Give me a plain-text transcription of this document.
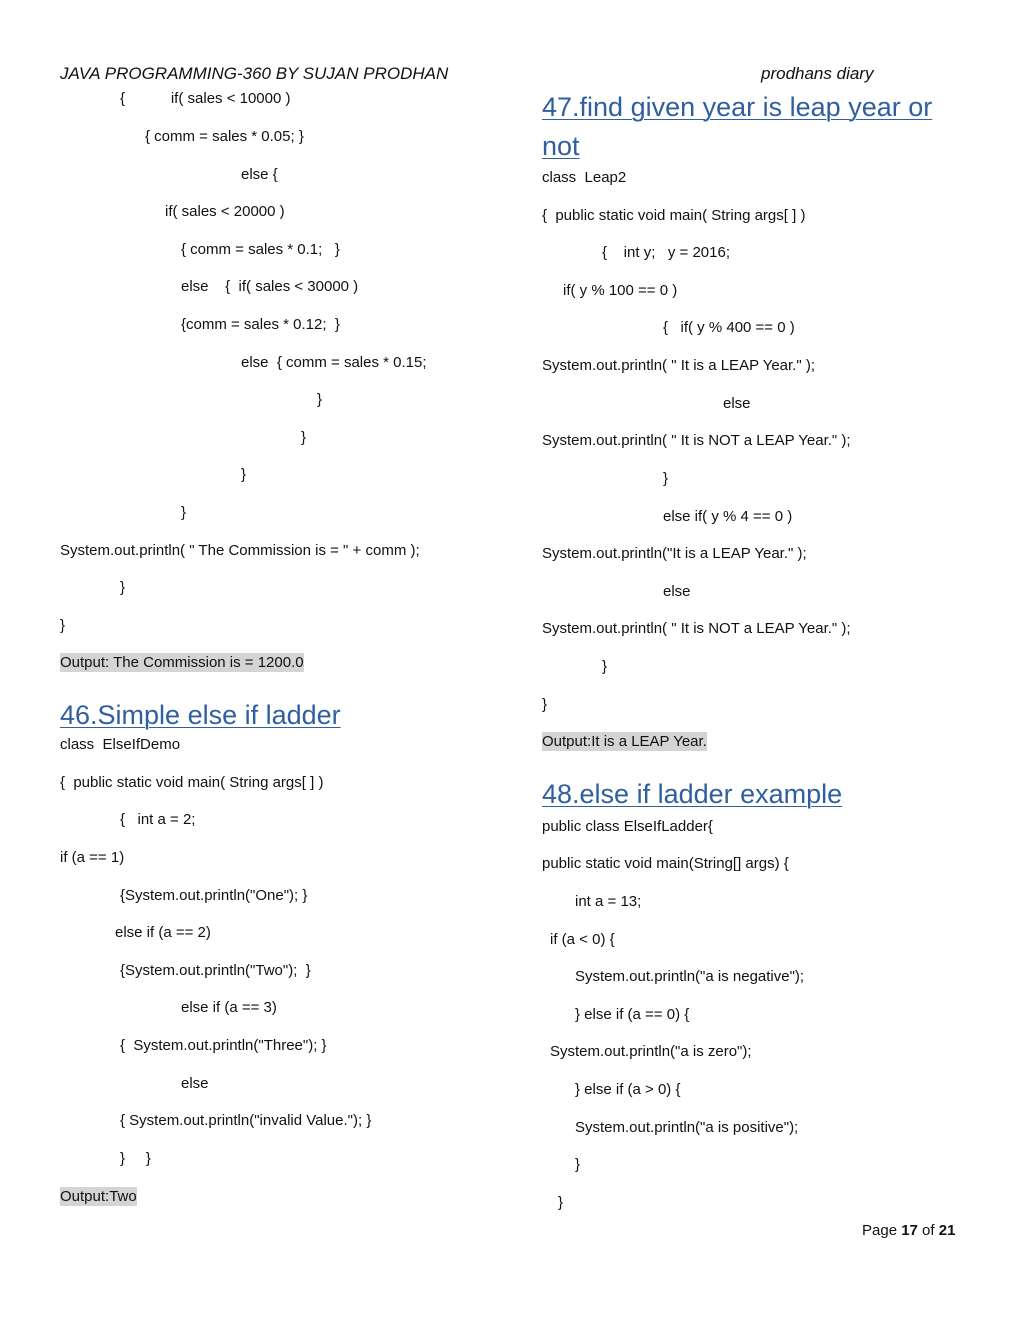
JAVA PROGRAMMING-360 BY SUJAN PRODHAN	prodhans diary
{           if( sales < 10000 )
{ comm = sales * 0.05; }
else {
if( sales < 20000 )
{ comm = sales * 0.1;   }
else    {  if( sales < 30000 )
{comm = sales * 0.12;  }
else  { comm = sales * 0.15;
}
}
}
}
System.out.println( " The Commission is = " + comm );
}
}
Output: The Commission is = 1200.0
46.Simple else if ladder
class  ElseIfDemo
{  public static void main( String args[ ] )
{   int a = 2;
if (a == 1)
{System.out.println("One"); }
else if (a == 2)
{System.out.println("Two");  }
else if (a == 3)
{  System.out.println("Three"); }
else
{ System.out.println("invalid Value."); }
}     }
Output:Two
47.find given year is leap year or
not
class  Leap2
{  public static void main( String args[ ] )
{    int y;   y = 2016;
if( y % 100 == 0 )
{   if( y % 400 == 0 )
System.out.println( " It is a LEAP Year." );
else
System.out.println( " It is NOT a LEAP Year." );
}
else if( y % 4 == 0 )
System.out.println("It is a LEAP Year." );
else
System.out.println( " It is NOT a LEAP Year." );
}
}
Output:It is a LEAP Year.
48.else if ladder example
public class ElseIfLadder{
public static void main(String[] args) {
int a = 13;
if (a < 0) {
System.out.println("a is negative");
} else if (a == 0) {
System.out.println("a is zero");
} else if (a > 0) {
System.out.println("a is positive");
}
}
Page 17 of 21
